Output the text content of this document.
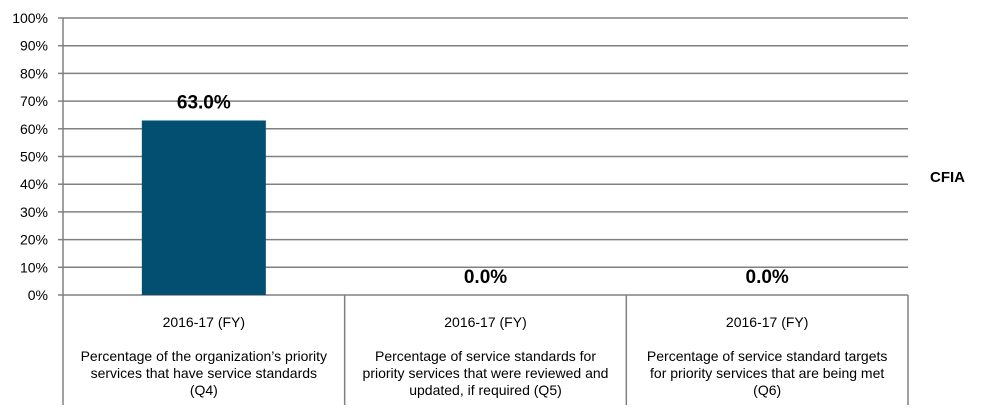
0%
10%
20%
30%
40%
50%
60%
70%
80%
90%
100%
63.0%
0.0%	0.0%
2016-17 (FY)
Percentage of the organization’s priority
services that have service standards
(Q4)
2016-17 (FY)
Percentage of service standards for
priority services that were reviewed and
updated, if required (Q5)
2016-17 (FY)
Percentage of service standard targets
for priority services that are being met
(Q6)
CFIA
